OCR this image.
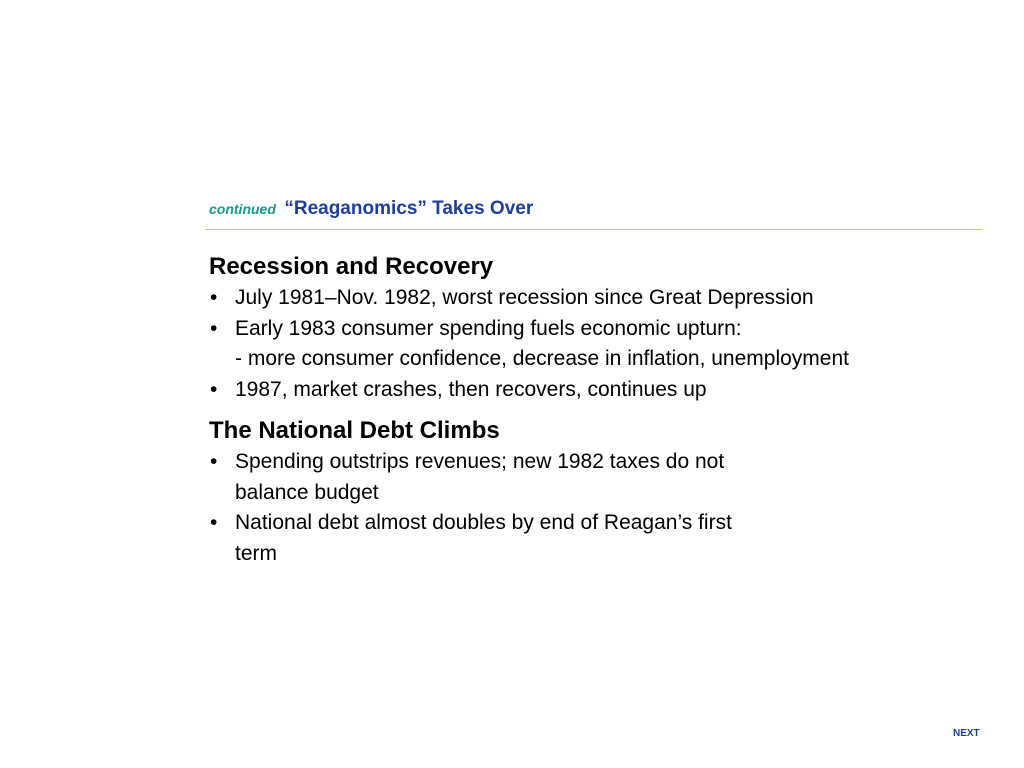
continued “Reaganomics” Takes Over
Recession and Recovery
• July 1981–Nov. 1982, worst recession since Great Depression
• Early 1983 consumer spending fuels economic upturn:
- more consumer confidence, decrease in inflation, unemployment
• 1987, market crashes, then recovers, continues up
The National Debt Climbs
• Spending outstrips revenues; new 1982 taxes do not balance budget
• National debt almost doubles by end of Reagan’s first term
NEXT
